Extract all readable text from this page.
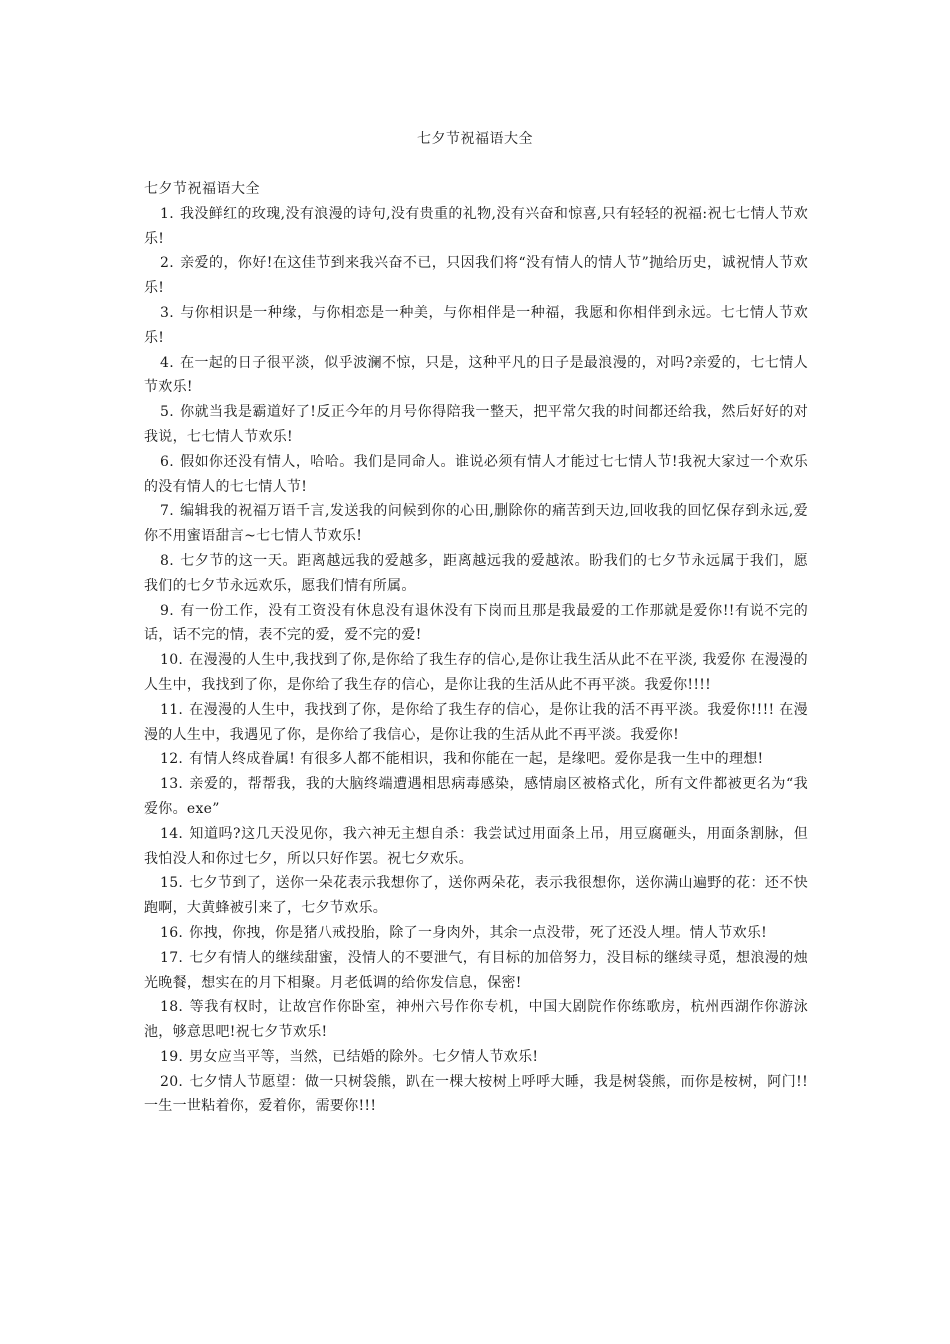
七夕节祝福语大全

七夕节祝福语大全

1. 我没鲜红的玫瑰,没有浪漫的诗句,没有贵重的礼物,没有兴奋和惊喜,只有轻轻的祝福:祝七七情人节欢乐!

2. 亲爱的，你好!在这佳节到来我兴奋不已，只因我们将“没有情人的情人节”抛给历史，诚祝情人节欢乐!

3. 与你相识是一种缘，与你相恋是一种美，与你相伴是一种福，我愿和你相伴到永远。七七情人节欢乐!

4. 在一起的日子很平淡，似乎波澜不惊，只是，这种平凡的日子是最浪漫的，对吗?亲爱的，七七情人节欢乐!

5. 你就当我是霸道好了!反正今年的月号你得陪我一整天，把平常欠我的时间都还给我，然后好好的对我说，七七情人节欢乐!

6. 假如你还没有情人，哈哈。我们是同命人。谁说必须有情人才能过七七情人节!我祝大家过一个欢乐的没有情人的七七情人节!

7. 编辑我的祝福万语千言,发送我的问候到你的心田,删除你的痛苦到天边,回收我的回忆保存到永远,爱你不用蜜语甜言~七七情人节欢乐!

8. 七夕节的这一天。距离越远我的爱越多，距离越远我的爱越浓。盼我们的七夕节永远属于我们，愿我们的七夕节永远欢乐，愿我们情有所属。

9. 有一份工作，没有工资没有休息没有退休没有下岗而且那是我最爱的工作那就是爱你!!有说不完的话，话不完的情，表不完的爱，爱不完的爱!

10. 在漫漫的人生中,我找到了你,是你给了我生存的信心,是你让我生活从此不在平淡, 我爱你 在漫漫的人生中，我找到了你，是你给了我生存的信心，是你让我的生活从此不再平淡。我爱你!!!!

11. 在漫漫的人生中，我找到了你，是你给了我生存的信心，是你让我的活不再平淡。我爱你!!!! 在漫漫的人生中，我遇见了你，是你给了我信心，是你让我的生活从此不再平淡。我爱你!

12. 有情人终成眷属! 有很多人都不能相识，我和你能在一起，是缘吧。爱你是我一生中的理想!

13. 亲爱的，帮帮我，我的大脑终端遭遇相思病毒感染，感情扇区被格式化，所有文件都被更名为“我爱你。exe”

14. 知道吗?这几天没见你，我六神无主想自杀：我尝试过用面条上吊，用豆腐砸头，用面条割脉，但我怕没人和你过七夕，所以只好作罢。祝七夕欢乐。

15. 七夕节到了，送你一朵花表示我想你了，送你两朵花，表示我很想你，送你满山遍野的花：还不快跑啊，大黄蜂被引来了，七夕节欢乐。

16. 你拽，你拽，你是猪八戒投胎，除了一身肉外，其余一点没带，死了还没人埋。情人节欢乐!

17. 七夕有情人的继续甜蜜，没情人的不要泄气，有目标的加倍努力，没目标的继续寻觅，想浪漫的烛光晚餐，想实在的月下相聚。月老低调的给你发信息，保密!

18. 等我有权时，让故宫作你卧室，神州六号作你专机，中国大剧院作你练歌房，杭州西湖作你游泳池，够意思吧!祝七夕节欢乐!

19. 男女应当平等，当然，已结婚的除外。七夕情人节欢乐!

20. 七夕情人节愿望：做一只树袋熊，趴在一棵大桉树上呼呼大睡，我是树袋熊，而你是桉树，阿门!!一生一世粘着你，爱着你，需要你!!!
